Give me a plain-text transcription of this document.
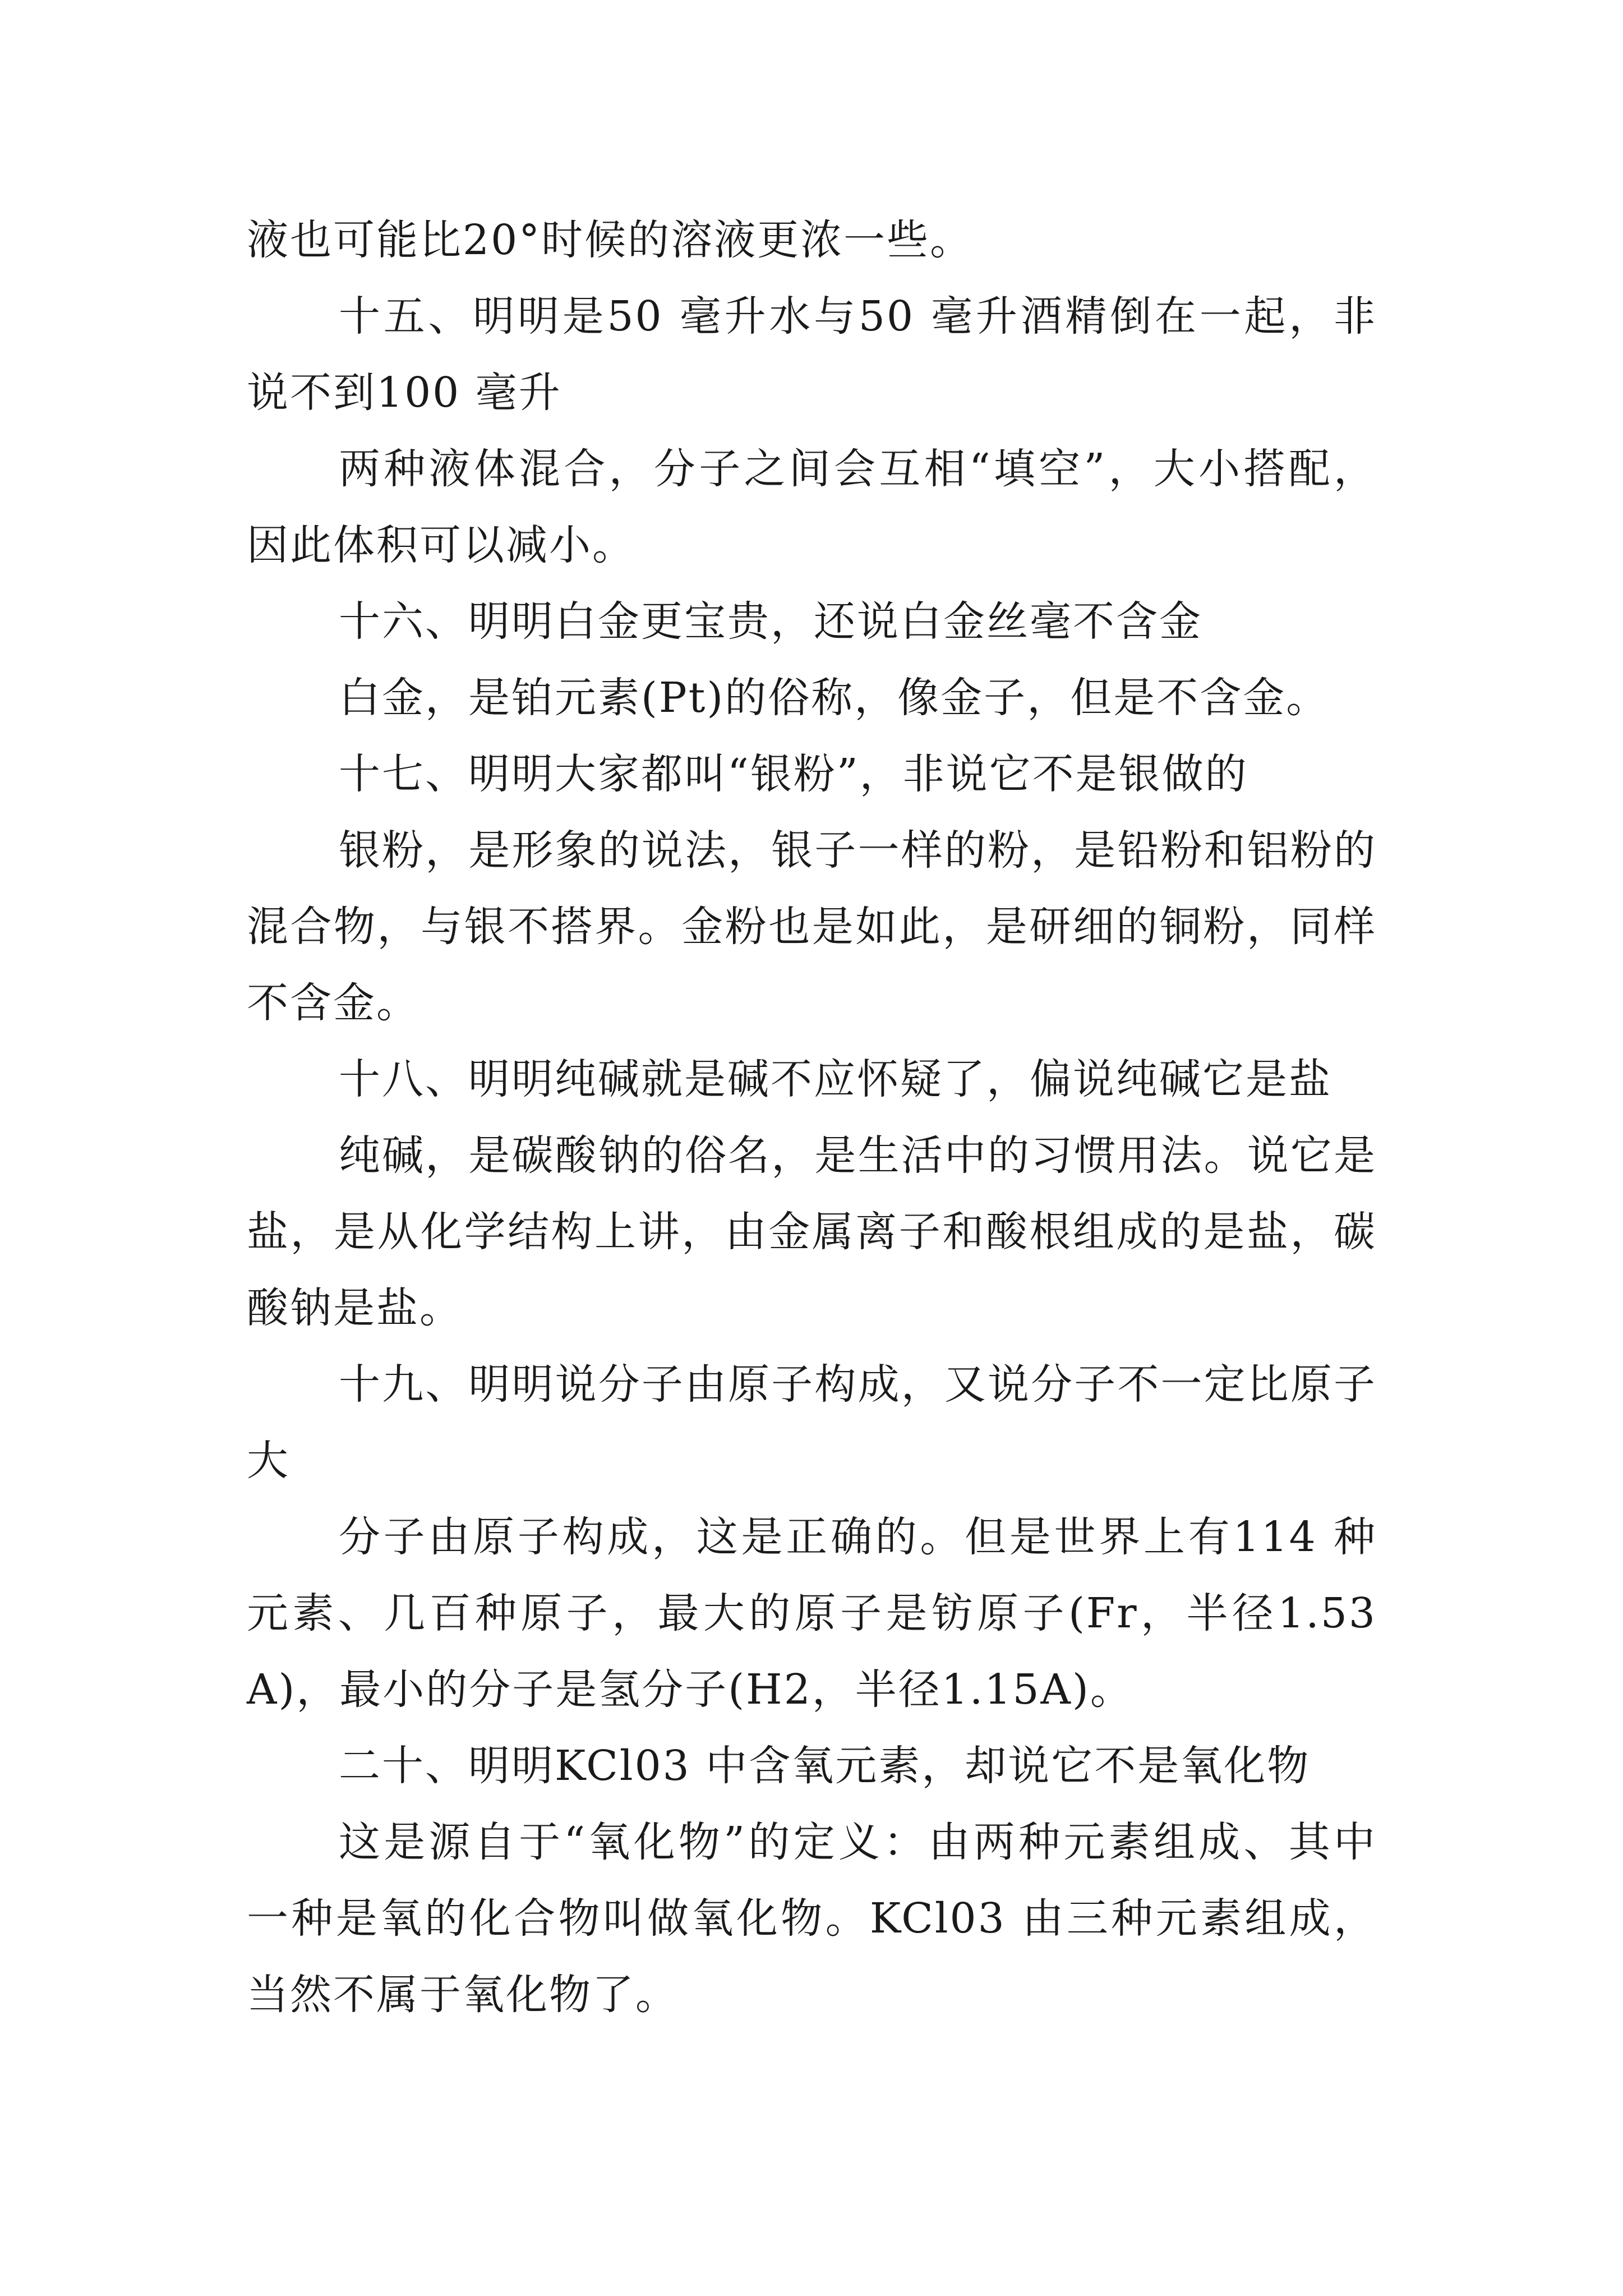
液也可能比20°时候的溶液更浓一些。

十五、明明是50 毫升水与50 毫升酒精倒在一起，非说不到100 毫升

两种液体混合，分子之间会互相“填空”，大小搭配，因此体积可以减小。

十六、明明白金更宝贵，还说白金丝毫不含金

白金，是铂元素(Pt)的俗称，像金子，但是不含金。

十七、明明大家都叫“银粉”，非说它不是银做的

银粉，是形象的说法，银子一样的粉，是铅粉和铝粉的混合物，与银不搭界。金粉也是如此，是研细的铜粉，同样不含金。

十八、明明纯碱就是碱不应怀疑了，偏说纯碱它是盐

纯碱，是碳酸钠的俗名，是生活中的习惯用法。说它是盐，是从化学结构上讲，由金属离子和酸根组成的是盐，碳酸钠是盐。

十九、明明说分子由原子构成，又说分子不一定比原子大

分子由原子构成，这是正确的。但是世界上有114 种元素、几百种原子，最大的原子是钫原子(Fr，半径1.53A)，最小的分子是氢分子(H2，半径1.15A)。

二十、明明KCl03 中含氧元素，却说它不是氧化物

这是源自于“氧化物”的定义：由两种元素组成、其中一种是氧的化合物叫做氧化物。KCl03 由三种元素组成，当然不属于氧化物了。
